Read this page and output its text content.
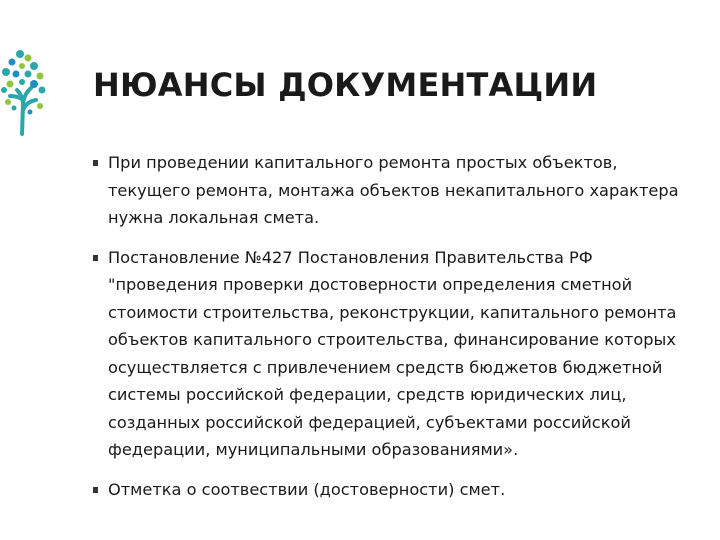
НЮАНСЫ ДОКУМЕНТАЦИИ
При проведении капитального ремонта простых объектов, текущего ремонта, монтажа объектов некапитального характера нужна локальная смета.
Постановление №427 Постановления Правительства РФ "проведения проверки достоверности определения сметной стоимости строительства, реконструкции, капитального ремонта объектов капитального строительства, финансирование которых осуществляется с привлечением средств бюджетов бюджетной системы российской федерации, средств юридических лиц, созданных российской федерацией, субъектами российской федерации, муниципальными образованиями».
Отметка о соотвествии (достоверности) смет.
